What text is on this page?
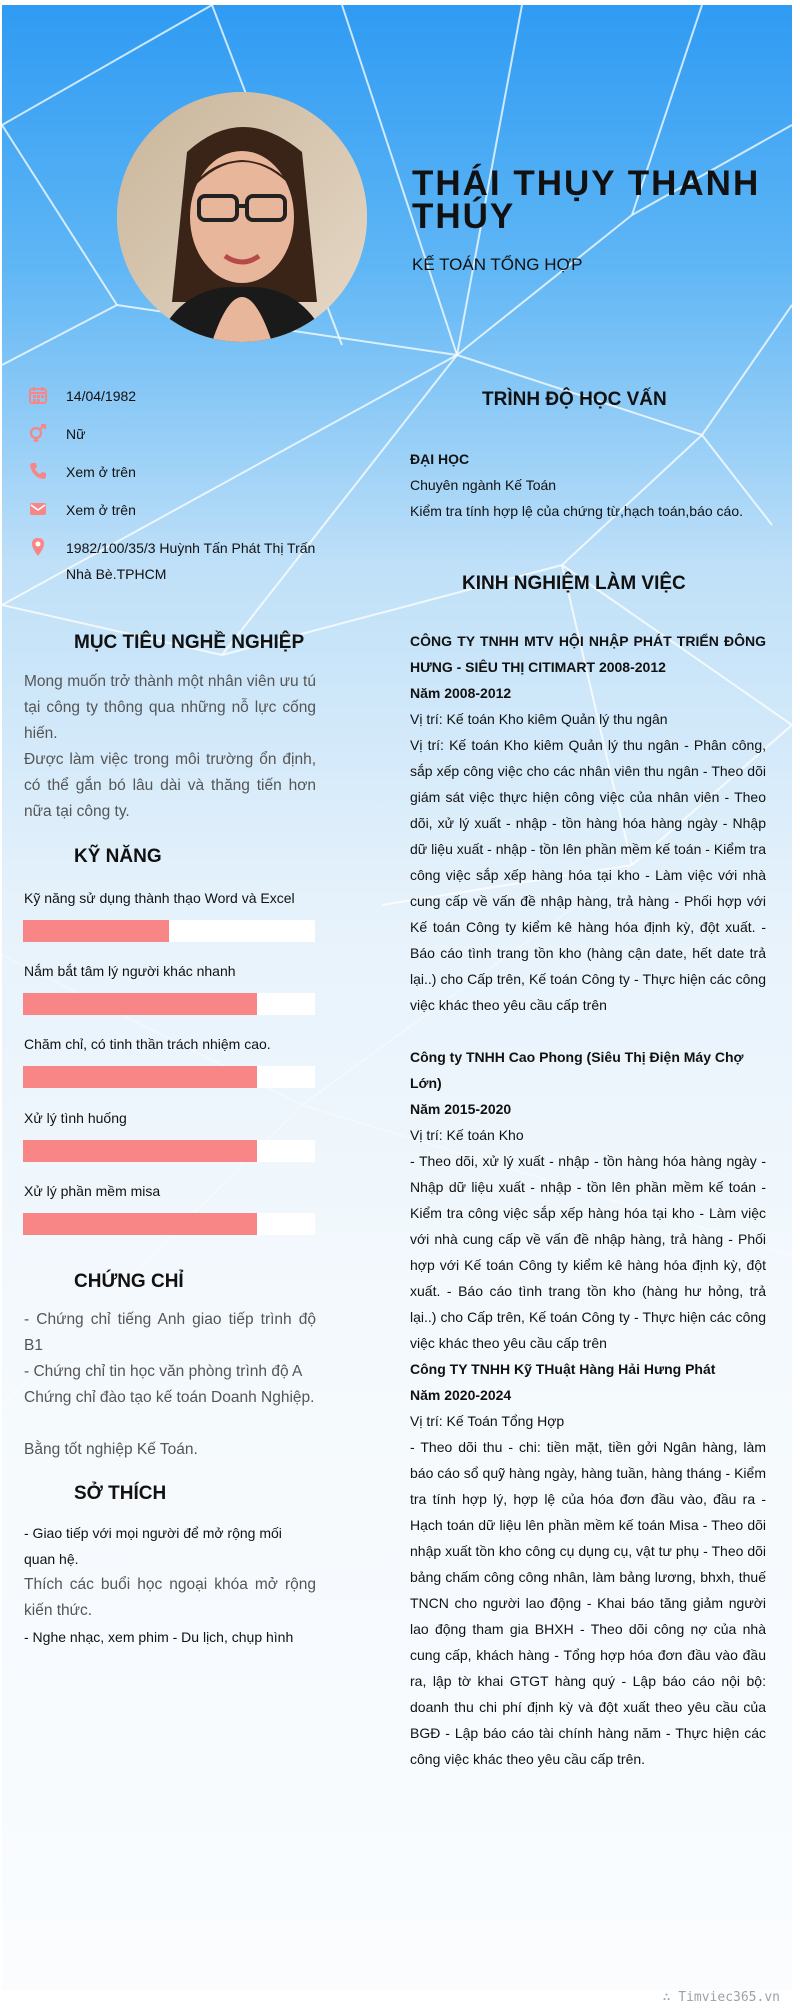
THÁI THỤY THANH THÚY
KẾ TOÁN TỔNG HỢP
14/04/1982
Nữ
Xem ở trên
Xem ở trên
1982/100/35/3 Huỳnh Tấn Phát Thị Trấn Nhà Bè.TPHCM
MỤC TIÊU NGHỀ NGHIỆP
Mong muốn trở thành một nhân viên ưu tú tại công ty thông qua những nỗ lực cống hiến.
Được làm việc trong môi trường ổn định, có thể gắn bó lâu dài và thăng tiến hơn nữa tại công ty.
KỸ NĂNG
Kỹ năng sử dụng thành thạo Word và Excel
Nắm bắt tâm lý người khác nhanh
Chăm chỉ, có tinh thần trách nhiệm cao.
Xử lý tình huống
Xử lý phần mềm misa
CHỨNG CHỈ
- Chứng chỉ tiếng Anh giao tiếp trình độ B1
- Chứng chỉ tin học văn phòng trình độ A
Chứng chỉ đào tạo kế toán Doanh Nghiệp.
Bằng tốt nghiệp Kế Toán.
SỞ THÍCH
- Giao tiếp với mọi người để mở rộng mối quan hệ.
Thích các buổi học ngoại khóa mở rộng kiến thức.
- Nghe nhạc, xem phim - Du lịch, chụp hình
TRÌNH ĐỘ HỌC VẤN
ĐẠI HỌC
Chuyên ngành Kế Toán
Kiểm tra tính hợp lệ của chứng từ,hạch toán,báo cáo.
KINH NGHIỆM LÀM VIỆC
CÔNG TY TNHH MTV HỘI NHẬP PHÁT TRIỂN ĐÔNG HƯNG - SIÊU THỊ CITIMART 2008-2012
Năm 2008-2012
Vị trí: Kế toán Kho kiêm Quản lý thu ngân
Vị trí: Kế toán Kho kiêm Quản lý thu ngân - Phân công, sắp xếp công việc cho các nhân viên thu ngân - Theo dõi giám sát việc thực hiện công việc của nhân viên - Theo dõi, xử lý xuất - nhập - tồn hàng hóa hàng ngày - Nhập dữ liệu xuất - nhập - tồn lên phần mềm kế toán - Kiểm tra công việc sắp xếp hàng hóa tại kho - Làm việc với nhà cung cấp về vấn đề nhập hàng, trả hàng - Phối hợp với Kế toán Công ty kiểm kê hàng hóa định kỳ, đột xuất. - Báo cáo tình trang tồn kho (hàng cận date, hết date trả lại..) cho Cấp trên, Kế toán Công ty - Thực hiện các công việc khác theo yêu cầu cấp trên
Công ty TNHH Cao Phong (Siêu Thị Điện Máy Chợ Lớn)
Năm 2015-2020
Vị trí: Kế toán Kho
- Theo dõi, xử lý xuất - nhập - tồn hàng hóa hàng ngày - Nhập dữ liệu xuất - nhập - tồn lên phần mềm kế toán - Kiểm tra công việc sắp xếp hàng hóa tại kho - Làm việc với nhà cung cấp về vấn đề nhập hàng, trả hàng - Phối hợp với Kế toán Công ty kiểm kê hàng hóa định kỳ, đột xuất. - Báo cáo tình trang tồn kho (hàng hư hỏng, trả lại..) cho Cấp trên, Kế toán Công ty - Thực hiện các công việc khác theo yêu cầu cấp trên
Công TY TNHH Kỹ THuật Hàng Hải Hưng Phát
Năm 2020-2024
Vị trí: Kế Toán Tổng Hợp
- Theo dõi thu - chi: tiền mặt, tiền gởi Ngân hàng, làm báo cáo sổ quỹ hàng ngày, hàng tuần, hàng tháng - Kiểm tra tính hợp lý, hợp lệ của hóa đơn đầu vào, đầu ra - Hạch toán dữ liệu lên phần mềm kế toán Misa - Theo dõi nhập xuất tồn kho công cụ dụng cụ, vật tư phụ - Theo dõi bảng chấm công công nhân, làm bảng lương, bhxh, thuế TNCN cho người lao động - Khai báo tăng giảm người lao động tham gia BHXH - Theo dõi công nợ của nhà cung cấp, khách hàng - Tổng hợp hóa đơn đầu vào đầu ra, lập tờ khai GTGT hàng quý - Lập báo cáo nội bộ: doanh thu chi phí định kỳ và đột xuất theo yêu cầu của BGĐ - Lập báo cáo tài chính hàng năm - Thực hiện các công việc khác theo yêu cầu cấp trên.
∴ Timviec365.vn
